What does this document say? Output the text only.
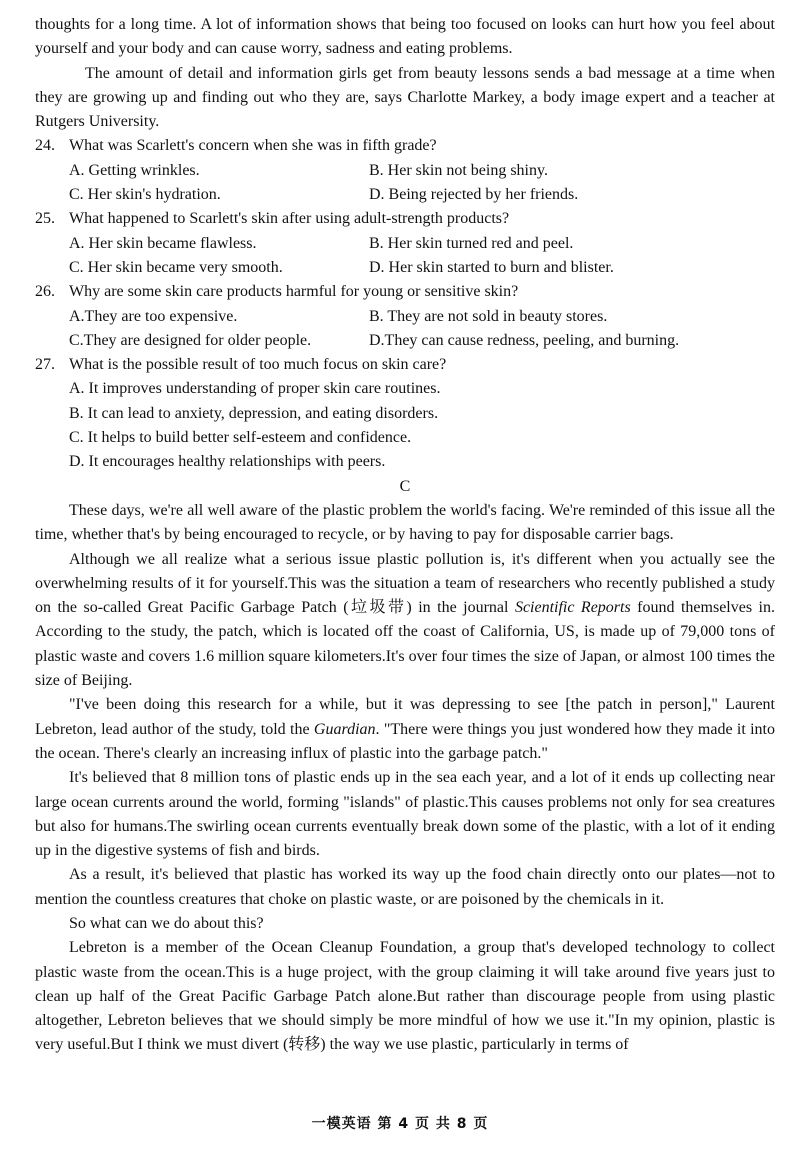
thoughts for a long time. A lot of information shows that being too focused on looks can hurt how you feel about yourself and your body and can cause worry, sadness and eating problems.

The amount of detail and information girls get from beauty lessons sends a bad message at a time when they are growing up and finding out who they are, says Charlotte Markey, a body image expert and a teacher at Rutgers University.

24. What was Scarlett's concern when she was in fifth grade?
A. Getting wrinkles.	B. Her skin not being shiny.
C. Her skin's hydration.	D. Being rejected by her friends.
25. What happened to Scarlett's skin after using adult-strength products?
A. Her skin became flawless.	B. Her skin turned red and peel.
C. Her skin became very smooth.	D. Her skin started to burn and blister.
26. Why are some skin care products harmful for young or sensitive skin?
A.They are too expensive.	B. They are not sold in beauty stores.
C.They are designed for older people.	D.They can cause redness, peeling, and burning.
27. What is the possible result of too much focus on skin care?
A. It improves understanding of proper skin care routines.
B. It can lead to anxiety, depression, and eating disorders.
C. It helps to build better self-esteem and confidence.
D. It encourages healthy relationships with peers.
C

These days, we're all well aware of the plastic problem the world's facing. We're reminded of this issue all the time, whether that's by being encouraged to recycle, or by having to pay for disposable carrier bags.

Although we all realize what a serious issue plastic pollution is, it's different when you actually see the overwhelming results of it for yourself.This was the situation a team of researchers who recently published a study on the so-called Great Pacific Garbage Patch (垃圾带) in the journal Scientific Reports found themselves in. According to the study, the patch, which is located off the coast of California, US, is made up of 79,000 tons of plastic waste and covers 1.6 million square kilometers.It's over four times the size of Japan, or almost 100 times the size of Beijing.

"I've been doing this research for a while, but it was depressing to see [the patch in person]," Laurent Lebreton, lead author of the study, told the Guardian. "There were things you just wondered how they made it into the ocean. There's clearly an increasing influx of plastic into the garbage patch."

It's believed that 8 million tons of plastic ends up in the sea each year, and a lot of it ends up collecting near large ocean currents around the world, forming "islands" of plastic.This causes problems not only for sea creatures but also for humans.The swirling ocean currents eventually break down some of the plastic, with a lot of it ending up in the digestive systems of fish and birds.

As a result, it's believed that plastic has worked its way up the food chain directly onto our plates—not to mention the countless creatures that choke on plastic waste, or are poisoned by the chemicals in it.

So what can we do about this?

Lebreton is a member of the Ocean Cleanup Foundation, a group that's developed technology to collect plastic waste from the ocean.This is a huge project, with the group claiming it will take around five years just to clean up half of the Great Pacific Garbage Patch alone.But rather than discourage people from using plastic altogether, Lebreton believes that we should simply be more mindful of how we use it."In my opinion, plastic is very useful.But I think we must divert (转移) the way we use plastic, particularly in terms of

一模英语 第 4 页 共 8 页
